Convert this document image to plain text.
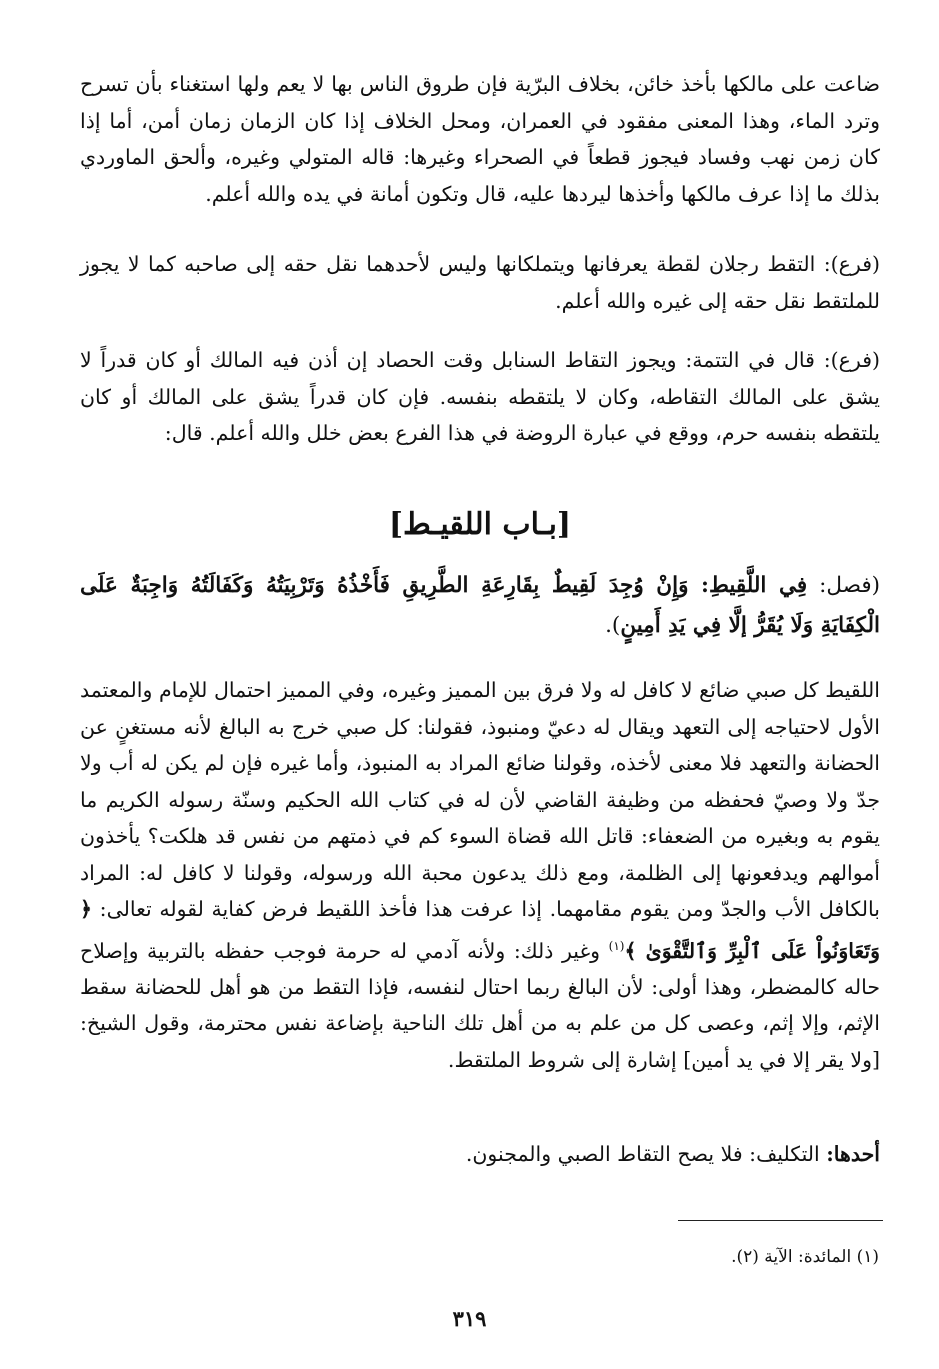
ضاعت على مالكها بأخذ خائن، بخلاف البرّية فإن طروق الناس بها لا يعم ولها استغناء بأن تسرح وترد الماء، وهذا المعنى مفقود في العمران، ومحل الخلاف إذا كان الزمان زمان أمن، أما إذا كان زمن نهب وفساد فيجوز قطعاً في الصحراء وغيرها: قاله المتولي وغيره، وألحق الماوردي بذلك ما إذا عرف مالكها وأخذها ليردها عليه، قال وتكون أمانة في يده والله أعلم.

(فرع): التقط رجلان لقطة يعرفانها ويتملكانها وليس لأحدهما نقل حقه إلى صاحبه كما لا يجوز للملتقط نقل حقه إلى غيره والله أعلم.

(فرع): قال في التتمة: ويجوز التقاط السنابل وقت الحصاد إن أذن فيه المالك أو كان قدراً لا يشق على المالك التقاطه، وكان لا يلتقطه بنفسه. فإن كان قدراً يشق على المالك أو كان يلتقطه بنفسه حرم، ووقع في عبارة الروضة في هذا الفرع بعض خلل والله أعلم. قال:

[بـاب اللقيـط]

(فصل: فِي اللَّقِيطِ: وَإِنْ وُجِدَ لَقِيطٌ بِقَارِعَةِ الطَّرِيقِ فَأَخْذُهُ وَتَرْبِيَتُهُ وَكَفَالَتُهُ وَاجِبَةٌ عَلَى الْكِفَايَةِ وَلَا يُقَرُّ إلَّا فِي يَدِ أَمِينٍ).

اللقيط كل صبي ضائع لا كافل له ولا فرق بين المميز وغيره، وفي المميز احتمال للإمام والمعتمد الأول لاحتياجه إلى التعهد ويقال له دعيّ ومنبوذ، فقولنا: كل صبي خرج به البالغ لأنه مستغنٍ عن الحضانة والتعهد فلا معنى لأخذه، وقولنا ضائع المراد به المنبوذ، وأما غيره فإن لم يكن له أب ولا جدّ ولا وصيّ فحفظه من وظيفة القاضي لأن له في كتاب الله الحكيم وسنّة رسوله الكريم ما يقوم به وبغيره من الضعفاء: قاتل الله قضاة السوء كم في ذمتهم من نفس قد هلكت؟ يأخذون أموالهم ويدفعونها إلى الظلمة، ومع ذلك يدعون محبة الله ورسوله، وقولنا لا كافل له: المراد بالكافل الأب والجدّ ومن يقوم مقامهما. إذا عرفت هذا فأخذ اللقيط فرض كفاية لقوله تعالى: ﴿ وَتَعَاوَنُواْ عَلَى ٱلْبِرِّ وَٱلتَّقْوَىٰ ﴾$^{(١)}$ وغير ذلك: ولأنه آدمي له حرمة فوجب حفظه بالتربية وإصلاح حاله كالمضطر، وهذا أولى: لأن البالغ ربما احتال لنفسه، فإذا التقط من هو أهل للحضانة سقط الإثم، وإلا إثم، وعصى كل من علم به من أهل تلك الناحية بإضاعة نفس محترمة، وقول الشيخ: [ولا يقر إلا في يد أمين] إشارة إلى شروط الملتقط.

أحدها: التكليف: فلا يصح التقاط الصبي والمجنون.

(١) المائدة: الآية (٢).
٣١٩
